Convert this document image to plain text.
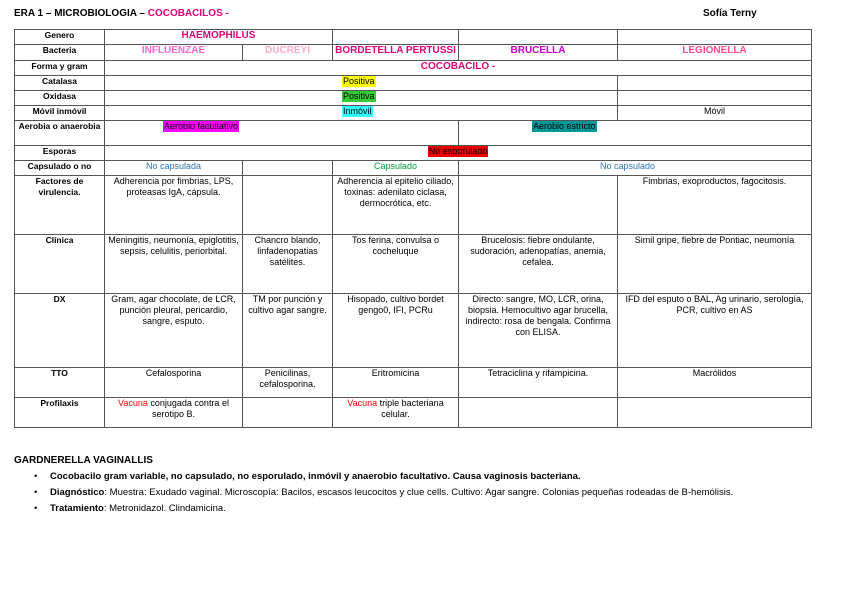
ERA 1 – MICROBIOLOGIA – COCOBACILOS -	Sofía Terny
Genero	HAEMOPHILUS				
Bacteria	INFLUENZAE	DUCREYI	BORDETELLA PERTUSSI	BRUCELLA	LEGIONELLA
Forma y gram	COCOBACILO -				
Catalasa	Positiva				
Oxidasa	Positiva				
Móvil inmóvil	Inmóvil				Móvil
Aerobia o anaerobia	Aerobio facultativo			Aerobio estricto	
Esporas	No esporulado				
Capsulado o no	No capsulada		Capsulado	No capsulado	
Factores de virulencia.	Adherencia por fimbrias, LPS, proteasas IgA, cápsula.		Adherencia al epitelio ciliado, toxinas: adenilato ciclasa, dermocrótica, etc.		Fimbrias, exoproductos, fagocitosis.
Clínica	Meningitis, neumonía, epiglotitis, sepsis, celulitis, periorbital.	Chancro blando, linfadenopatias satélites.	Tos ferina, convulsa o cocheluque	Brucelosis: fiebre ondulante, sudoración, adenopatías, anemia, cefalea.	Simil gripe, fiebre de Pontiac, neumonía
DX	Gram, agar chocolate, de LCR, punción pleural, pericardio, sangre, esputo.	TM por punción y cultivo agar sangre.	Hisopado, cultivo bordet gengo0, IFI, PCRu	Directo: sangre, MO, LCR, orina, biopsia. Hemocultivo agar brucella, indirecto: rosa de bengala. Confirma con ELISA.	IFD del esputo o BAL, Ag urinario, serología, PCR, cultivo en AS
TTO	Cefalosporina	Penicilinas, cefalosporina.	Eritromicina	Tetraciclina y rifampicina.	Macrólidos
Profilaxis	Vacuna conjugada contra el serotipo B.		Vacuna triple bacteriana celular.		
GARDNERELLA VAGINALLIS
• Cocobacilo gram variable, no capsulado, no esporulado, inmóvil y anaerobio facultativo. Causa vaginosis bacteriana.
• Diagnóstico: Muestra: Exudado vaginal. Microscopía: Bacilos, escasos leucocitos y clue cells. Cultivo: Agar sangre. Colonias pequeñas rodeadas de B-hemólisis.
• Tratamiento: Metronidazol. Clindamicina.
